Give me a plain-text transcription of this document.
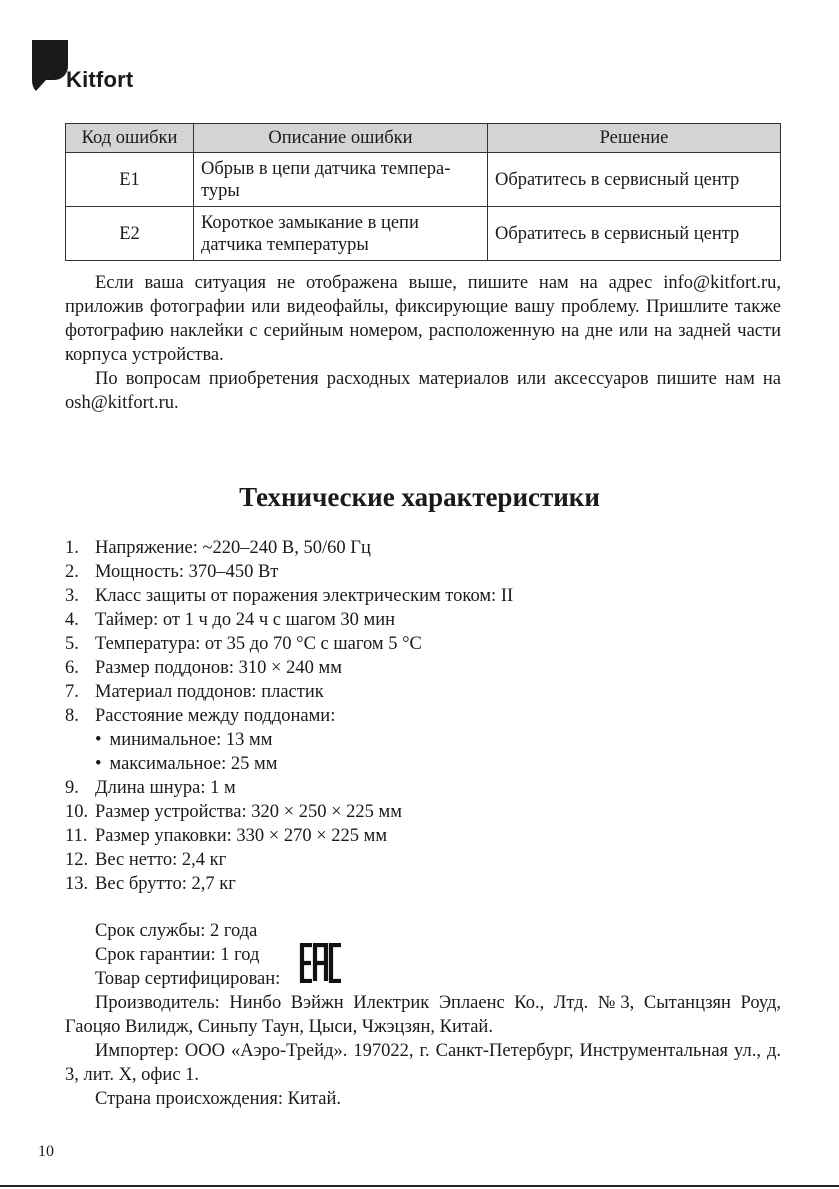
Kitfort
Код ошибки	Описание ошибки	Решение
E1	Обрыв в цепи датчика темпера-туры	Обратитесь в сервисный центр
E2	Короткое замыкание в цепи датчика температуры	Обратитесь в сервисный центр

Если ваша ситуация не отображена выше, пишите нам на адрес info@kitfort.ru, приложив фотографии или видеофайлы, фиксирующие вашу проблему. Пришлите также фотографию наклейки с серийным номером, расположенную на дне или на задней части корпуса устройства.

По вопросам приобретения расходных материалов или аксессуаров пишите нам на osh@kitfort.ru.

Технические характеристики
1. Напряжение: ~220–240 В, 50/60 Гц
2. Мощность: 370–450 Вт
3. Класс защиты от поражения электрическим током: II
4. Таймер: от 1 ч до 24 ч с шагом 30 мин
5. Температура: от 35 до 70 °C с шагом 5 °C
6. Размер поддонов: 310 × 240 мм
7. Материал поддонов: пластик
8. Расстояние между поддонами:
• минимальное: 13 мм
• максимальное: 25 мм
9. Длина шнура: 1 м
10. Размер устройства: 320 × 250 × 225 мм
11. Размер упаковки: 330 × 270 × 225 мм
12. Вес нетто: 2,4 кг
13. Вес брутто: 2,7 кг
Срок службы: 2 года
Срок гарантии: 1 год
Товар сертифицирован:

Производитель: Нинбо Вэйжн Илектрик Эплаенс Ко., Лтд. №3, Сытанцзян Роуд, Гаоцяо Вилидж, Синьпу Таун, Цыси, Чжэцзян, Китай.

Импортер: ООО «Аэро-Трейд». 197022, г. Санкт-Петербург, Инструментальная ул., д. 3, лит. Х, офис 1.

Страна происхождения: Китай.

10
